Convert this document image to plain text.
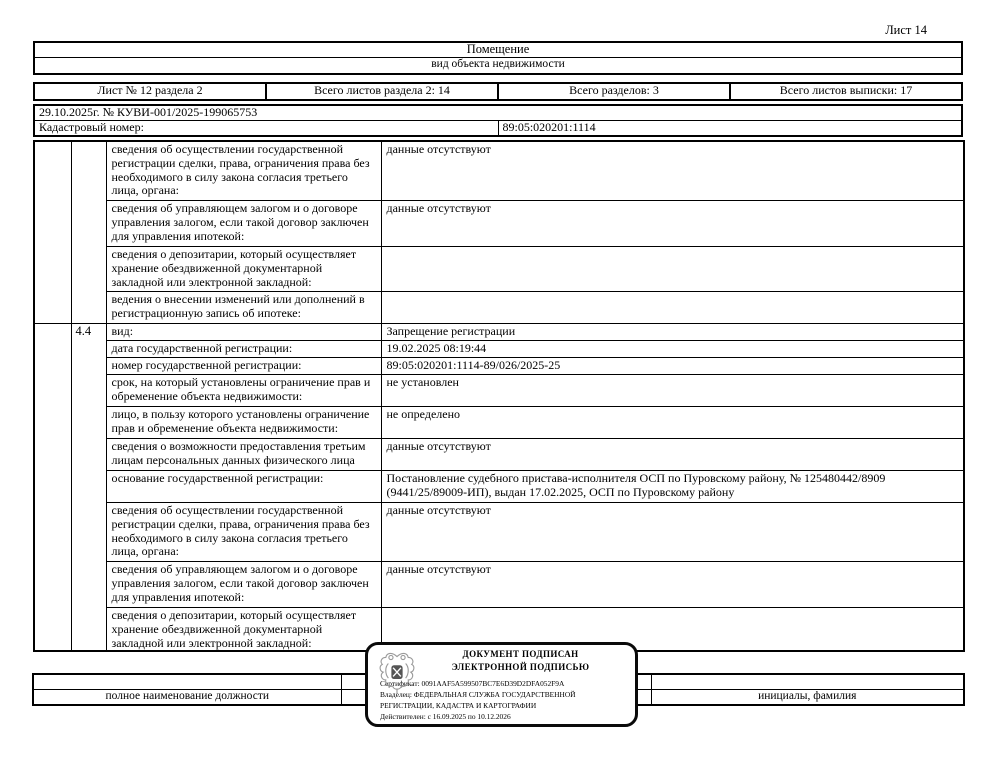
Лист 14
Помещение
вид объекта недвижимости
Лист № 12 раздела 2	Всего листов раздела 2: 14	Всего разделов: 3	Всего листов выписки: 17
29.10.2025г. № КУВИ-001/2025-199065753
Кадастровый номер:	89:05:020201:1114
		сведения об осуществлении государственной регистрации сделки, права, ограничения права без необходимого в силу закона согласия третьего лица, органа:	данные отсутствуют
		сведения об управляющем залогом и о договоре управления залогом, если такой договор заключен для управления ипотекой:	данные отсутствуют
		сведения о депозитарии, который осуществляет хранение обездвиженной документарной закладной или электронной закладной:	
		ведения о внесении изменений или дополнений в регистрационную запись об ипотеке:	
	4.4	вид:	Запрещение регистрации
		дата государственной регистрации:	19.02.2025 08:19:44
		номер государственной регистрации:	89:05:020201:1114-89/026/2025-25
		срок, на который установлены ограничение прав и обременение объекта недвижимости:	не установлен
		лицо, в пользу которого установлены ограничение прав и обременение объекта недвижимости:	не определено
		сведения о возможности предоставления третьим лицам персональных данных физического лица	данные отсутствуют
		основание государственной регистрации:	Постановление судебного пристава-исполнителя ОСП по Пуровскому району, № 125480442/8909 (9441/25/89009-ИП), выдан 17.02.2025, ОСП по Пуровскому району
		сведения об осуществлении государственной регистрации сделки, права, ограничения права без необходимого в силу закона согласия третьего лица, органа:	данные отсутствуют
		сведения об управляющем залогом и о договоре управления залогом, если такой договор заключен для управления ипотекой:	данные отсутствуют
		сведения о депозитарии, который осуществляет хранение обездвиженной документарной закладной или электронной закладной:	

полное наименование должности		инициалы, фамилия
ДОКУМЕНТ ПОДПИСАН
ЭЛЕКТРОННОЙ ПОДПИСЬЮ
Сертификат: 0091AAF5A599507BC7E6D39D2DFA052F9A
Владелец: ФЕДЕРАЛЬНАЯ СЛУЖБА ГОСУДАРСТВЕННОЙ РЕГИСТРАЦИИ, КАДАСТРА И КАРТОГРАФИИ
Действителен: с 16.09.2025 по 10.12.2026
